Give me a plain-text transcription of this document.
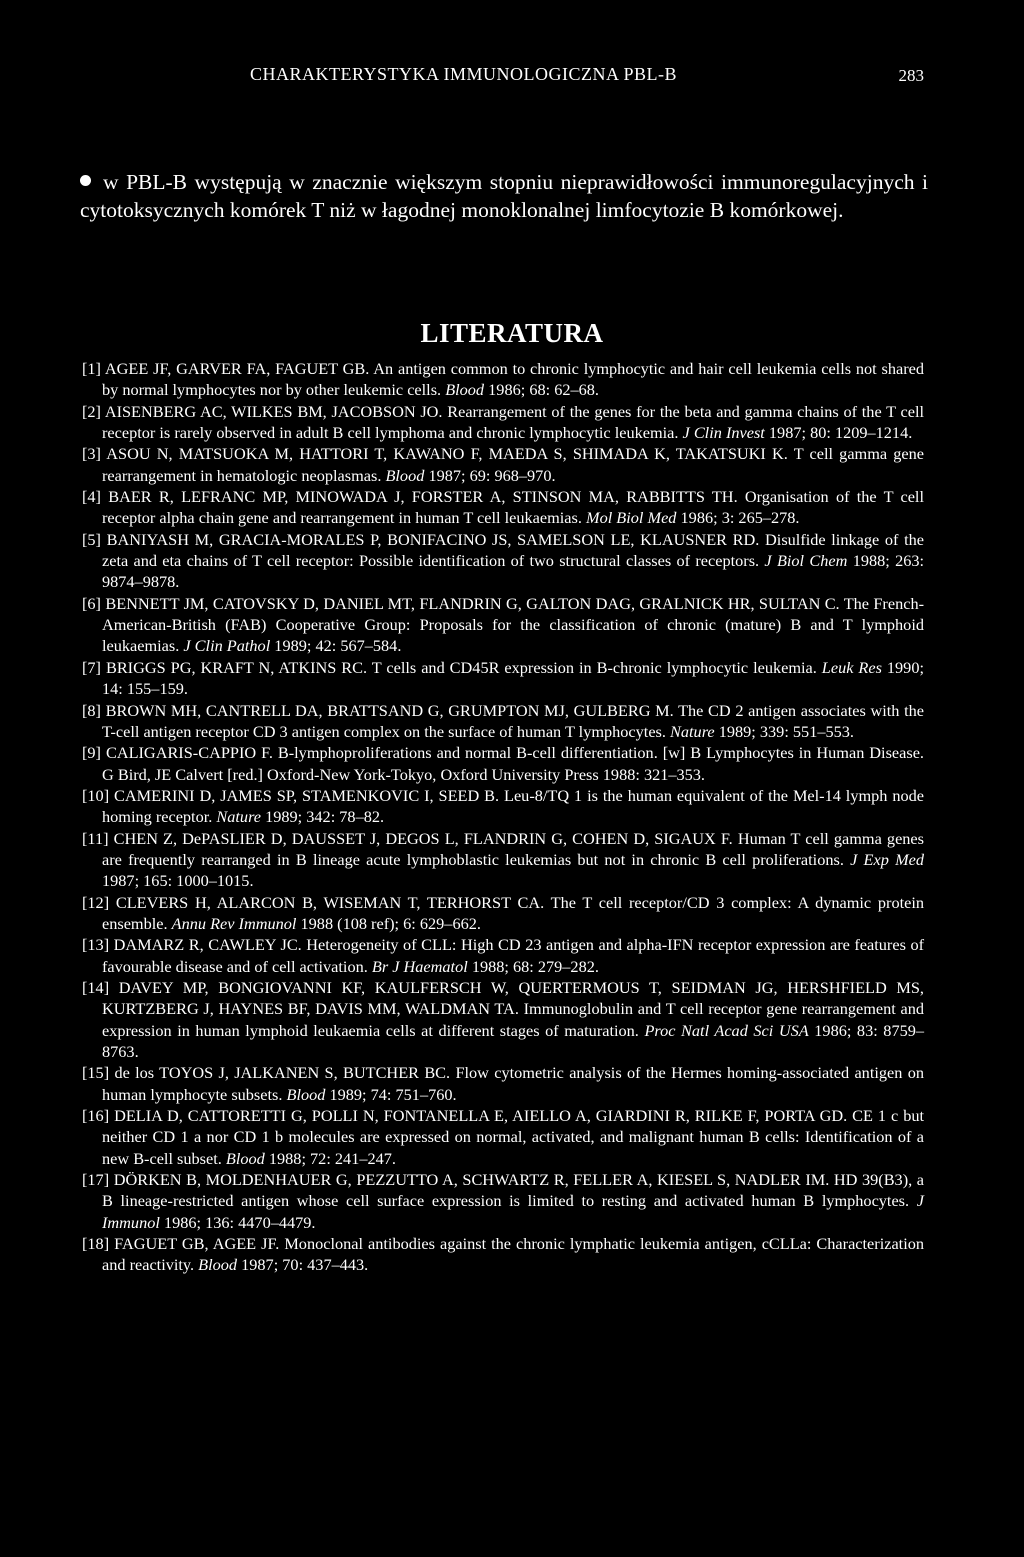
CHARAKTERYSTYKA IMMUNOLOGICZNA PBL-B	283

w PBL-B występują w znacznie większym stopniu nieprawidłowości immunoregulacyjnych i cytotoksycznych komórek T niż w łagodnej monoklonalnej limfocytozie B komórkowej.

LITERATURA
[1] AGEE JF, GARVER FA, FAGUET GB. An antigen common to chronic lymphocytic and hair cell leukemia cells not shared by normal lymphocytes nor by other leukemic cells. Blood 1986; 68: 62–68.
[2] AISENBERG AC, WILKES BM, JACOBSON JO. Rearrangement of the genes for the beta and gamma chains of the T cell receptor is rarely observed in adult B cell lymphoma and chronic lymphocytic leukemia. J Clin Invest 1987; 80: 1209–1214.
[3] ASOU N, MATSUOKA M, HATTORI T, KAWANO F, MAEDA S, SHIMADA K, TAKATSUKI K. T cell gamma gene rearrangement in hematologic neoplasmas. Blood 1987; 69: 968–970.
[4] BAER R, LEFRANC MP, MINOWADA J, FORSTER A, STINSON MA, RABBITTS TH. Organisation of the T cell receptor alpha chain gene and rearrangement in human T cell leukaemias. Mol Biol Med 1986; 3: 265–278.
[5] BANIYASH M, GRACIA-MORALES P, BONIFACINO JS, SAMELSON LE, KLAUSNER RD. Disulfide linkage of the zeta and eta chains of T cell receptor: Possible identification of two structural classes of receptors. J Biol Chem 1988; 263: 9874–9878.
[6] BENNETT JM, CATOVSKY D, DANIEL MT, FLANDRIN G, GALTON DAG, GRALNICK HR, SULTAN C. The French-American-British (FAB) Cooperative Group: Proposals for the classification of chronic (mature) B and T lymphoid leukaemias. J Clin Pathol 1989; 42: 567–584.
[7] BRIGGS PG, KRAFT N, ATKINS RC. T cells and CD45R expression in B-chronic lymphocytic leukemia. Leuk Res 1990; 14: 155–159.
[8] BROWN MH, CANTRELL DA, BRATTSAND G, GRUMPTON MJ, GULBERG M. The CD 2 antigen associates with the T-cell antigen receptor CD 3 antigen complex on the surface of human T lymphocytes. Nature 1989; 339: 551–553.
[9] CALIGARIS-CAPPIO F. B-lymphoproliferations and normal B-cell differentiation. [w] B Lymphocytes in Human Disease. G Bird, JE Calvert [red.] Oxford-New York-Tokyo, Oxford University Press 1988: 321–353.
[10] CAMERINI D, JAMES SP, STAMENKOVIC I, SEED B. Leu-8/TQ 1 is the human equivalent of the Mel-14 lymph node homing receptor. Nature 1989; 342: 78–82.
[11] CHEN Z, DePASLIER D, DAUSSET J, DEGOS L, FLANDRIN G, COHEN D, SIGAUX F. Human T cell gamma genes are frequently rearranged in B lineage acute lymphoblastic leukemias but not in chronic B cell proliferations. J Exp Med 1987; 165: 1000–1015.
[12] CLEVERS H, ALARCON B, WISEMAN T, TERHORST CA. The T cell receptor/CD 3 complex: A dynamic protein ensemble. Annu Rev Immunol 1988 (108 ref); 6: 629–662.
[13] DAMARZ R, CAWLEY JC. Heterogeneity of CLL: High CD 23 antigen and alpha-IFN receptor expression are features of favourable disease and of cell activation. Br J Haematol 1988; 68: 279–282.
[14] DAVEY MP, BONGIOVANNI KF, KAULFERSCH W, QUERTERMOUS T, SEIDMAN JG, HERSHFIELD MS, KURTZBERG J, HAYNES BF, DAVIS MM, WALDMAN TA. Immunoglobulin and T cell receptor gene rearrangement and expression in human lymphoid leukaemia cells at different stages of maturation. Proc Natl Acad Sci USA 1986; 83: 8759–8763.
[15] de los TOYOS J, JALKANEN S, BUTCHER BC. Flow cytometric analysis of the Hermes homing-associated antigen on human lymphocyte subsets. Blood 1989; 74: 751–760.
[16] DELIA D, CATTORETTI G, POLLI N, FONTANELLA E, AIELLO A, GIARDINI R, RILKE F, PORTA GD. CE 1 c but neither CD 1 a nor CD 1 b molecules are expressed on normal, activated, and malignant human B cells: Identification of a new B-cell subset. Blood 1988; 72: 241–247.
[17] DÖRKEN B, MOLDENHAUER G, PEZZUTTO A, SCHWARTZ R, FELLER A, KIESEL S, NADLER IM. HD 39(B3), a B lineage-restricted antigen whose cell surface expression is limited to resting and activated human B lymphocytes. J Immunol 1986; 136: 4470–4479.
[18] FAGUET GB, AGEE JF. Monoclonal antibodies against the chronic lymphatic leukemia antigen, cCLLa: Characterization and reactivity. Blood 1987; 70: 437–443.
